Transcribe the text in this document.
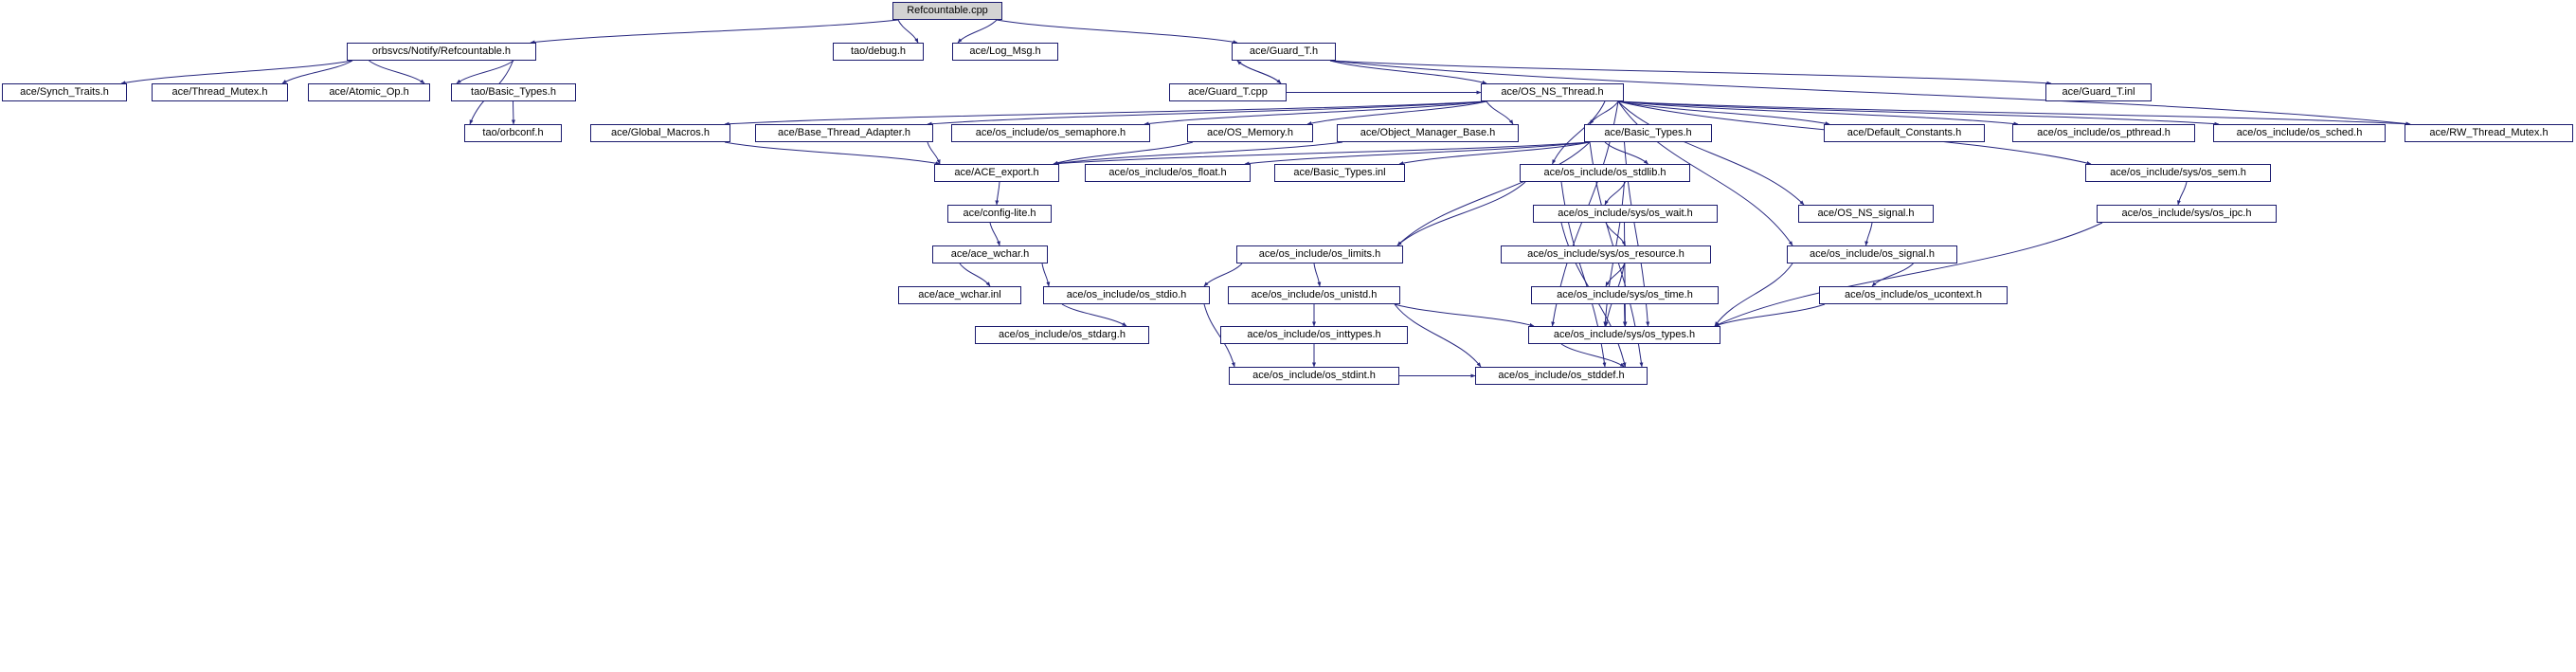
Refcountable.cpp
orbsvcs/Notify/Refcountable.h	tao/debug.h	ace/Log_Msg.h	ace/Guard_T.h
ace/Synch_Traits.h	ace/Thread_Mutex.h	ace/Atomic_Op.h	tao/Basic_Types.h	ace/Guard_T.cpp	ace/OS_NS_Thread.h	ace/Guard_T.inl
tao/orbconf.h	ace/Global_Macros.h	ace/Base_Thread_Adapter.h	ace/os_include/os_semaphore.h	ace/OS_Memory.h	ace/Object_Manager_Base.h	ace/Basic_Types.h	ace/Default_Constants.h	ace/os_include/os_pthread.h	ace/os_include/os_sched.h	ace/RW_Thread_Mutex.h
ace/ACE_export.h	ace/os_include/os_float.h	ace/Basic_Types.inl	ace/os_include/os_stdlib.h	ace/os_include/sys/os_sem.h
ace/config-lite.h	ace/os_include/sys/os_wait.h	ace/OS_NS_signal.h	ace/os_include/sys/os_ipc.h
ace/ace_wchar.h	ace/os_include/os_limits.h	ace/os_include/sys/os_resource.h	ace/os_include/os_signal.h
ace/ace_wchar.inl	ace/os_include/os_stdio.h	ace/os_include/os_unistd.h	ace/os_include/sys/os_time.h	ace/os_include/os_ucontext.h
ace/os_include/os_stdarg.h	ace/os_include/os_inttypes.h	ace/os_include/sys/os_types.h
ace/os_include/os_stdint.h	ace/os_include/os_stddef.h
